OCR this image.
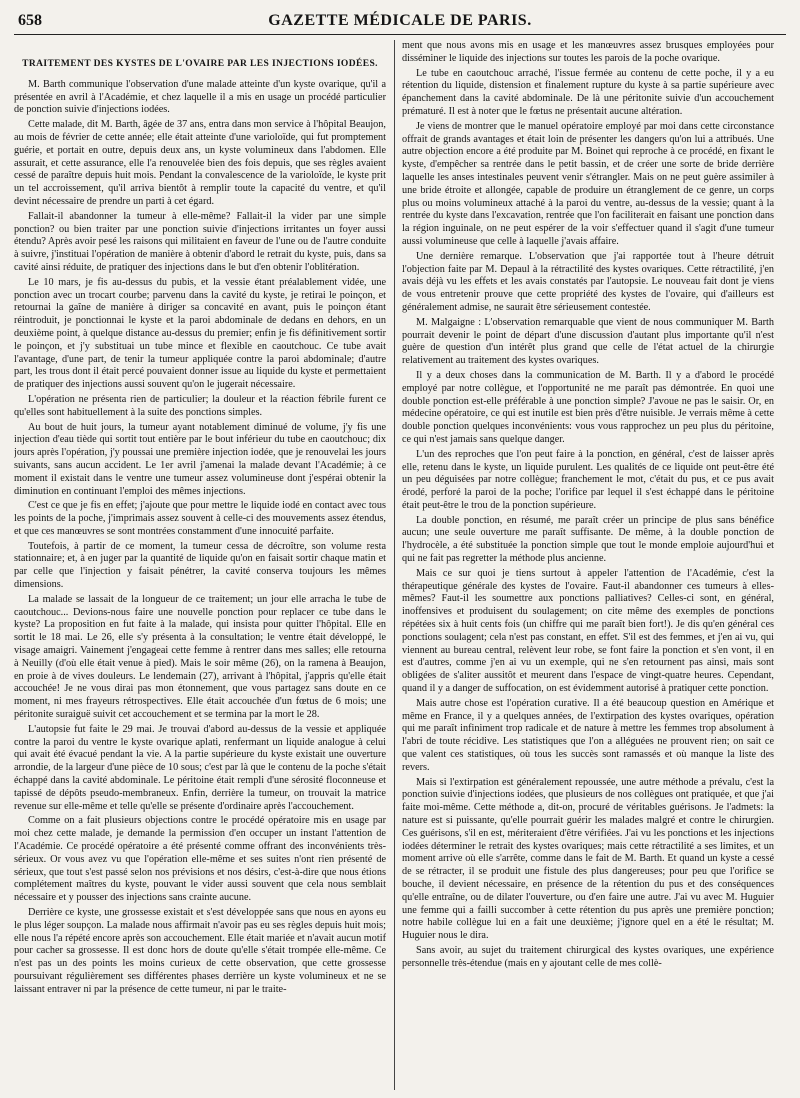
658	GAZETTE MÉDICALE DE PARIS.
TRAITEMENT DES KYSTES DE L'OVAIRE PAR LES INJECTIONS IODÉES.

M. Barth communique l'observation d'une malade atteinte d'un kyste ovarique, qu'il a présentée en avril à l'Académie, et chez laquelle il a mis en usage un procédé particulier de ponction suivie d'injections iodées.

Cette malade, dit M. Barth, âgée de 37 ans, entra dans mon service à l'hôpital Beaujon, au mois de février de cette année; elle était atteinte d'une varioloïde, qui fut promptement guérie, et portait en outre, depuis deux ans, un kyste volumineux dans l'abdomen. Elle assurait, et cette assurance, elle l'a renouvelée bien des fois depuis, que ses règles avaient cessé de paraître depuis huit mois. Pendant la convalescence de la varioloïde, le kyste prit un tel accroissement, qu'il arriva bientôt à remplir toute la capacité du ventre, et qu'il devint nécessaire de prendre un parti à cet égard.

Fallait-il abandonner la tumeur à elle-même? Fallait-il la vider par une simple ponction? ou bien traiter par une ponction suivie d'injections irritantes un foyer aussi étendu? Après avoir pesé les raisons qui militaient en faveur de l'une ou de l'autre conduite à suivre, j'instituai l'opération de manière à obtenir d'abord le retrait du kyste, puis, dans sa cavité ainsi réduite, de pratiquer des injections dans le but d'en obtenir l'oblitération.

Le 10 mars, je fis au-dessus du pubis, et la vessie étant préalablement vidée, une ponction avec un trocart courbe; parvenu dans la cavité du kyste, je retirai le poinçon, et retournai la gaîne de manière à diriger sa concavité en avant, puis le poinçon étant réintroduit, je ponctionnai le kyste et la paroi abdominale de dedans en dehors, en un deuxième point, à quelque distance au-dessus du premier; enfin je fis définitivement sortir le poinçon, et j'y substituai un tube mince et flexible en caoutchouc. Ce tube avait l'avantage, d'une part, de tenir la tumeur appliquée contre la paroi abdominale; d'autre part, les trous dont il était percé pouvaient donner issue au liquide du kyste et permettaient de pratiquer des injections aussi souvent qu'on le jugerait nécessaire.

L'opération ne présenta rien de particulier; la douleur et la réaction fébrile furent ce qu'elles sont habituellement à la suite des ponctions simples.

Au bout de huit jours, la tumeur ayant notablement diminué de volume, j'y fis une injection d'eau tiède qui sortit tout entière par le bout inférieur du tube en caoutchouc; dix jours après l'opération, j'y poussai une première injection iodée, que je renouvelai les jours suivants, sans aucun accident. Le 1er avril j'amenai la malade devant l'Académie; à ce moment il existait dans le ventre une tumeur assez volumineuse dont j'espérai obtenir la diminution en continuant l'emploi des mêmes injections.

C'est ce que je fis en effet; j'ajoute que pour mettre le liquide iodé en contact avec tous les points de la poche, j'imprimais assez souvent à celle-ci des mouvements assez étendus, et que ces manœuvres se sont montrées constamment d'une innocuité parfaite.

Toutefois, à partir de ce moment, la tumeur cessa de décroître, son volume resta stationnaire; et, à en juger par la quantité de liquide qu'on en faisait sortir chaque matin et par celle que l'injection y faisait pénétrer, la cavité conserva toujours les mêmes dimensions.

La malade se lassait de la longueur de ce traitement; un jour elle arracha le tube de caoutchouc... Devions-nous faire une nouvelle ponction pour replacer ce tube dans le kyste? La proposition en fut faite à la malade, qui insista pour quitter l'hôpital. Elle en sortit le 18 mai. Le 26, elle s'y présenta à la consultation; le ventre était développé, le visage amaigri. Vainement j'engageai cette femme à rentrer dans mes salles; elle retourna à Neuilly (d'où elle était venue à pied). Mais le soir même (26), on la ramena à Beaujon, en proie à de vives douleurs. Le lendemain (27), arrivant à l'hôpital, j'appris qu'elle était accouchée! Je ne vous dirai pas mon étonnement, que vous partagez sans doute en ce moment, ni mes frayeurs rétrospectives. Elle était accouchée d'un fœtus de 6 mois; une péritonite suraiguë suivit cet accouchement et se termina par la mort le 28.

L'autopsie fut faite le 29 mai. Je trouvai d'abord au-dessus de la vessie et appliquée contre la paroi du ventre le kyste ovarique aplati, renfermant un liquide analogue à celui qui avait été évacué pendant la vie. A la partie supérieure du kyste existait une ouverture arrondie, de la largeur d'une pièce de 10 sous; c'est par là que le contenu de la poche s'était échappé dans la cavité abdominale. Le péritoine était rempli d'une sérosité floconneuse et tapissé de dépôts pseudo-membraneux. Enfin, derrière la tumeur, on trouvait la matrice revenue sur elle-même et telle qu'elle se présente d'ordinaire après l'accouchement.

Comme on a fait plusieurs objections contre le procédé opératoire mis en usage par moi chez cette malade, je demande la permission d'en occuper un instant l'attention de l'Académie. Ce procédé opératoire a été présenté comme offrant des inconvénients très-sérieux. Or vous avez vu que l'opération elle-même et ses suites n'ont rien présenté de sérieux, que tout s'est passé selon nos prévisions et nos désirs, c'est-à-dire que nous étions complétement maîtres du kyste, pouvant le vider aussi souvent que cela nous semblait nécessaire et y pousser des injections sans crainte aucune.

Derrière ce kyste, une grossesse existait et s'est développée sans que nous en ayons eu le plus léger soupçon. La malade nous affirmait n'avoir pas eu ses règles depuis huit mois; elle nous l'a répété encore après son accouchement. Elle était mariée et n'avait aucun motif pour cacher sa grossesse. Il est donc hors de doute qu'elle s'était trompée elle-même. Ce n'est pas un des points les moins curieux de cette observation, que cette grossesse poursuivant régulièrement ses différentes phases derrière un kyste volumineux et ne se laissant entraver ni par la présence de cette tumeur, ni par le traite-

ment que nous avons mis en usage et les manœuvres assez brusques employées pour disséminer le liquide des injections sur toutes les parois de la poche ovarique.

Le tube en caoutchouc arraché, l'issue fermée au contenu de cette poche, il y a eu rétention du liquide, distension et finalement rupture du kyste à sa partie supérieure avec épanchement dans la cavité abdominale. De là une péritonite suivie d'un accouchement prématuré. Il est à noter que le fœtus ne présentait aucune altération.

Je viens de montrer que le manuel opératoire employé par moi dans cette circonstance offrait de grands avantages et était loin de présenter les dangers qu'on lui a attribués. Une autre objection encore a été produite par M. Boinet qui reproche à ce procédé, en fixant le kyste, d'empêcher sa rentrée dans le petit bassin, et de créer une sorte de bride derrière laquelle les anses intestinales peuvent venir s'étrangler. Mais on ne peut guère assimiler à une bride étroite et allongée, capable de produire un étranglement de ce genre, un corps plus ou moins volumineux attaché à la paroi du ventre, au-dessus de la vessie; quant à la rentrée du kyste dans l'excavation, rentrée que l'on faciliterait en faisant une ponction dans la région inguinale, on ne peut espérer de la voir s'effectuer quand il s'agit d'une tumeur aussi volumineuse que celle à laquelle j'avais affaire.

Une dernière remarque. L'observation que j'ai rapportée tout à l'heure détruit l'objection faite par M. Depaul à la rétractilité des kystes ovariques. Cette rétractilité, j'en avais déjà vu les effets et les avais constatés par l'autopsie. Le nouveau fait dont je viens de vous entretenir prouve que cette propriété des kystes de l'ovaire, qui d'ailleurs est généralement admise, ne saurait être sérieusement contestée.

M. Malgaigne : L'observation remarquable que vient de nous communiquer M. Barth pourrait devenir le point de départ d'une discussion d'autant plus importante qu'il n'est guère de question d'un intérêt plus grand que celle de l'état actuel de la chirurgie relativement au traitement des kystes ovariques.

Il y a deux choses dans la communication de M. Barth. Il y a d'abord le procédé employé par notre collègue, et l'opportunité ne me paraît pas démontrée. En quoi une double ponction est-elle préférable à une ponction simple? J'avoue ne pas le saisir. Or, en médecine opératoire, ce qui est inutile est bien près d'être nuisible. Je verrais même à cette double ponction quelques inconvénients: vous vous rapprochez un peu plus du péritoine, ce qui n'est jamais sans quelque danger.

L'un des reproches que l'on peut faire à la ponction, en général, c'est de laisser après elle, retenu dans le kyste, un liquide purulent. Les qualités de ce liquide ont peut-être été un peu déguisées par notre collègue; franchement le mot, c'était du pus, et ce pus avait érodé, perforé la paroi de la poche; l'orifice par lequel il s'est échappé dans le péritoine était peut-être le trou de la ponction supérieure.

La double ponction, en résumé, me paraît créer un principe de plus sans bénéfice aucun; une seule ouverture me paraît suffisante. De même, à la double ponction de l'hydrocèle, a été substituée la ponction simple que tout le monde emploie aujourd'hui et qui ne fait pas regretter la méthode plus ancienne.

Mais ce sur quoi je tiens surtout à appeler l'attention de l'Académie, c'est la thérapeutique générale des kystes de l'ovaire. Faut-il abandonner ces tumeurs à elles-mêmes? Faut-il les soumettre aux ponctions palliatives? Celles-ci sont, en général, inoffensives et produisent du soulagement; on cite même des exemples de ponctions répétées six à huit cents fois (un chiffre qui me paraît bien fort!). Je dis qu'en général ces ponctions soulagent; cela n'est pas constant, en effet. S'il est des femmes, et j'en ai vu, qui viennent au bureau central, relèvent leur robe, se font faire la ponction et s'en vont, il en est d'autres, comme j'en ai vu un exemple, qui ne s'en retournent pas ainsi, mais sont obligées de s'aliter aussitôt et meurent dans l'espace de vingt-quatre heures. Cependant, quand il y a danger de suffocation, on est évidemment autorisé à pratiquer cette ponction.

Mais autre chose est l'opération curative. Il a été beaucoup question en Amérique et même en France, il y a quelques années, de l'extirpation des kystes ovariques, opération qui me paraît infiniment trop radicale et de nature à mettre les femmes trop absolument à l'abri de toute récidive. Les statistiques que l'on a alléguées ne prouvent rien; on sait ce que valent ces statistiques, où tous les succès sont ramassés et où manque la liste des revers.

Mais si l'extirpation est généralement repoussée, une autre méthode a prévalu, c'est la ponction suivie d'injections iodées, que plusieurs de nos collègues ont pratiquée, et que j'ai faite moi-même. Cette méthode a, dit-on, procuré de véritables guérisons. Je l'admets: la nature est si puissante, qu'elle pourrait guérir les malades malgré et contre le chirurgien. Ces guérisons, s'il en est, mériteraient d'être vérifiées. J'ai vu les ponctions et les injections iodées déterminer le retrait des kystes ovariques; mais cette rétractilité a ses limites, et un moment arrive où elle s'arrête, comme dans le fait de M. Barth. Et quand un kyste a cessé de se rétracter, il se produit une fistule des plus dangereuses; pour peu que l'orifice se bouche, il devient nécessaire, en présence de la rétention du pus et des conséquences qu'elle entraîne, ou de dilater l'ouverture, ou d'en faire une autre. J'ai vu avec M. Huguier une femme qui a failli succomber à cette rétention du pus après une première ponction; notre habile collègue lui en a fait une deuxième; j'ignore quel en a été le résultat; M. Huguier nous le dira.

Sans avoir, au sujet du traitement chirurgical des kystes ovariques, une expérience personnelle très-étendue (mais en y ajoutant celle de mes collè-
